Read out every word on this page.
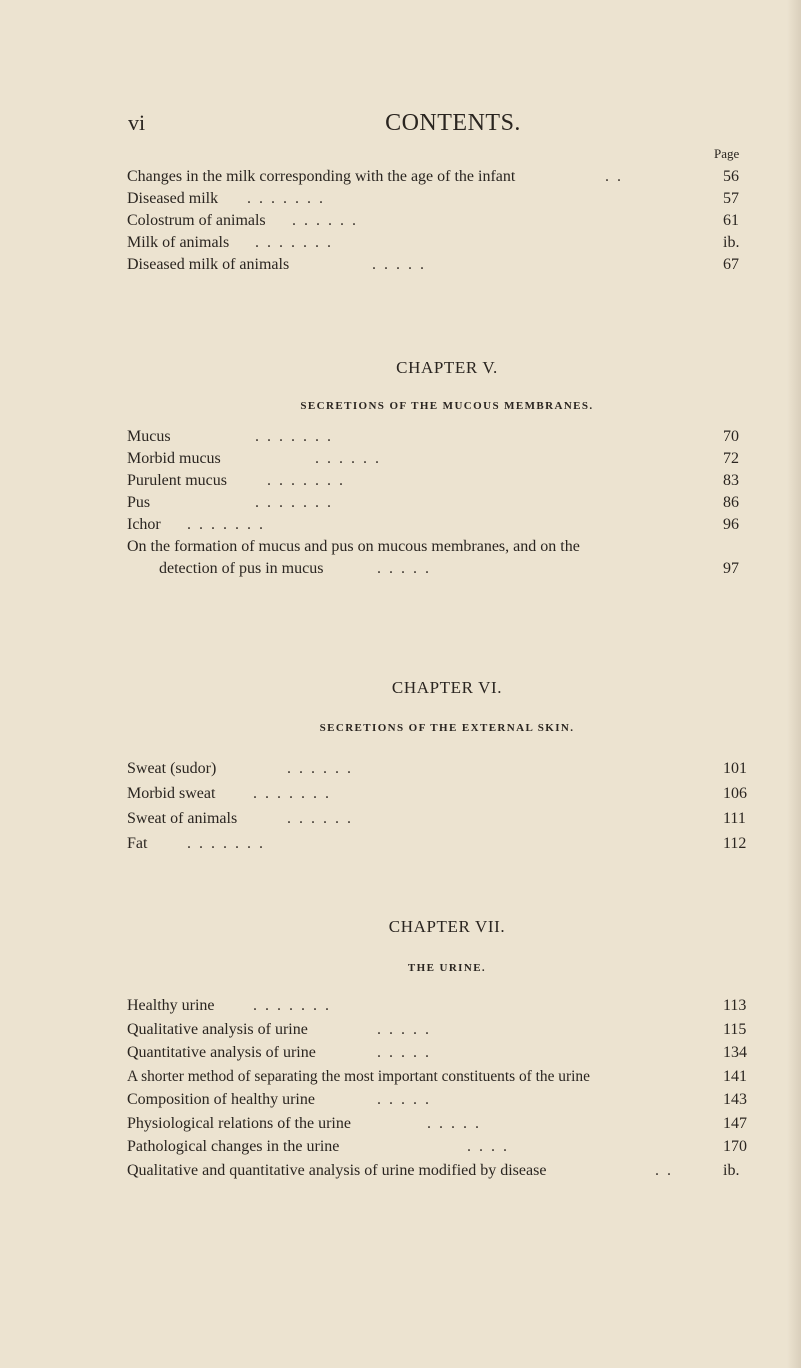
vi	CONTENTS.
Page
Changes in the milk corresponding with the age of the infant	. .	56
Diseased milk . . . . . . .	57
Colostrum of animals . . . . . .	61
Milk of animals . . . . . . .	ib.
Diseased milk of animals	. . . . .	67
CHAPTER V.
SECRETIONS OF THE MUCOUS MEMBRANES.
Mucus	. . . . . . .	70
Morbid mucus	. . . . . .	72
Purulent mucus	. . . . . . .	83
Pus	. . . . . . .	86
Ichor . . . . . . .	96
On the formation of mucus and pus on mucous membranes, and on the
detection of pus in mucus	. . . . .	97
CHAPTER VI.
SECRETIONS OF THE EXTERNAL SKIN.
Sweat (sudor)	. . . . . .	101
Morbid sweat . . . . . . .	106
Sweat of animals	. . . . . .	111
Fat . . . . . . .	112
CHAPTER VII.
THE URINE.
Healthy urine . . . . . . .	113
Qualitative analysis of urine	. . . . .	115
Quantitative analysis of urine	. . . . .	134
A shorter method of separating the most important constituents of the urine	141
Composition of healthy urine	. . . . .	143
Physiological relations of the urine	. . . . .	147
Pathological changes in the urine	. . . .	170
Qualitative and quantitative analysis of urine modified by disease	. .	ib.
